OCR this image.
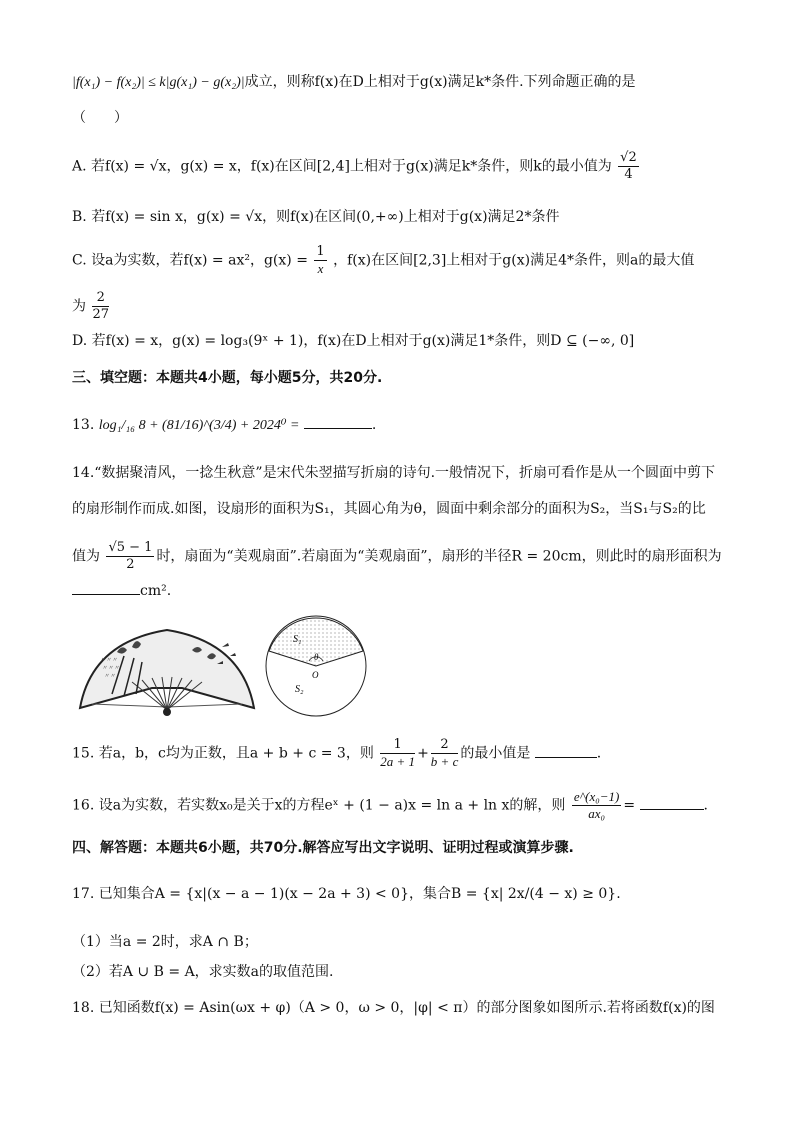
|f(x₁) − f(x₂)| ≤ k|g(x₁) − g(x₂)|成立，则称f(x)在D上相对于g(x)满足k*条件.下列命题正确的是
（　　）
A. 若f(x) = √x，g(x) = x，f(x)在区间[2,4]上相对于g(x)满足k*条件，则k的最小值为 $\frac{√2}{4}$
B. 若f(x) = sin x，g(x) = √x，则f(x)在区间(0,+∞)上相对于g(x)满足2*条件
C. 设a为实数，若f(x) = ax²，$g(x) = \frac{1}{x}$ ，f(x)在区间[2,3]上相对于g(x)满足4*条件，则a的最大值
为 $\frac{2}{27}$
D. 若f(x) = x，g(x) = log₃(9ˣ + 1)，f(x)在D上相对于g(x)满足1*条件，则D ⊆ (−∞, 0]
三、填空题：本题共4小题，每小题5分，共20分.
13. log₁/₁₆ 8 + (81/16)^(3/4) + 2024⁰ =	.
14.“数据聚清风，一捻生秋意”是宋代朱翌描写折扇的诗句.一般情况下，折扇可看作是从一个圆面中剪下
的扇形制作而成.如图，设扇形的面积为S₁，其圆心角为θ，圆面中剩余部分的面积为S₂，当S₁与S₂的比
值为 $\frac{√5 - 1}{2}$ 时，扇面为“美观扇面”.若扇面为“美观扇面”，扇形的半径R = 20cm，则此时的扇形面积为
cm².
〃〃〃
〃〃〃
〃〃
S₁
θ
O
S₂
15. 若a，b，c均为正数，且a + b + c = 3，则 $\frac{1}{2a + 1} + \frac{2}{b + c}$ 的最小值是	.
16. 设a为实数，若实数x₀是关于x的方程eˣ + (1 − a)x = ln a + ln x的解，则 $\frac{\text{e\textasciicircum{}(x₀−1)}}{\text{ax₀}}$ =	.
四、解答题：本题共6小题，共70分.解答应写出文字说明、证明过程或演算步骤.
17. 已知集合A = {x|(x − a − 1)(x − 2a + 3) < 0}，集合B = {x| 2x/(4 − x) ≥ 0}.
（1）当a = 2时，求A ∩ B；
（2）若A ∪ B = A，求实数a的取值范围.
18. 已知函数f(x) = Asin(ωx + φ)（A > 0，ω > 0，|φ| < π）的部分图象如图所示.若将函数f(x)的图
